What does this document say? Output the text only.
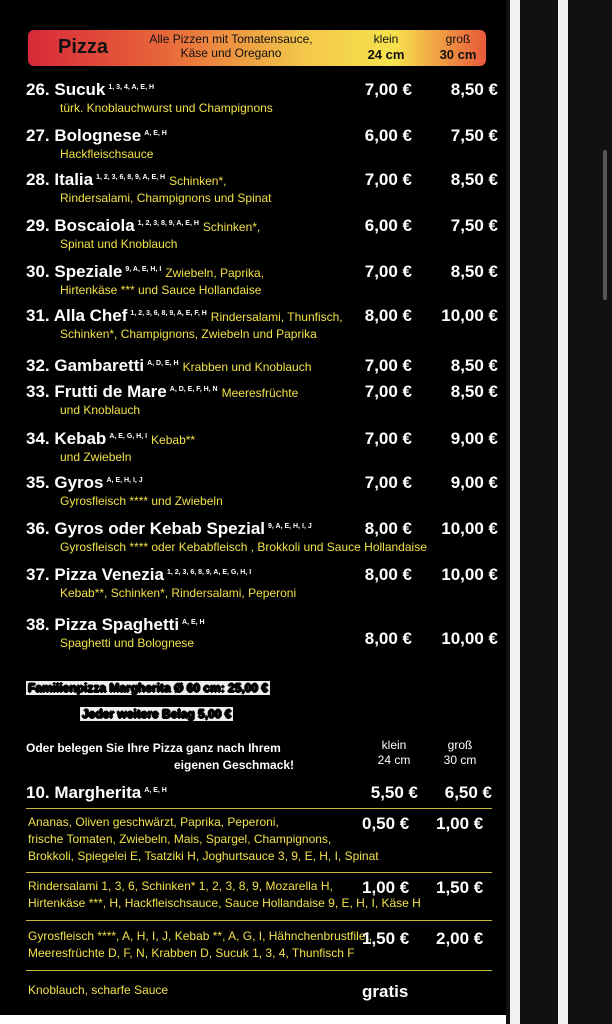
Pizza	Alle Pizzen mit Tomatensauce, Käse und Oregano
klein
24 cm
groß
30 cm
26. Sucuk $^{1, 3, 4, A, E, H}$
türk. Knoblauchwurst und Champignons
7,00 € 8,50 €
27. Bolognese $^{A, E, H}$
Hackfleischsauce
6,00 € 7,50 €
28. Italia $^{1, 2, 3, 6, 8, 9, A, E, H}$ Schinken*,
Rindersalami, Champignons und Spinat
7,00 € 8,50 €
29. Boscaiola $^{1, 2, 3, 8, 9, A, E, H}$ Schinken*,
Spinat und Knoblauch
6,00 € 7,50 €
30. Speziale $^{9, A, E, H, I}$ Zwiebeln, Paprika,
Hirtenkäse *** und Sauce Hollandaise
7,00 € 8,50 €
31. Alla Chef $^{1, 2, 3, 6, 8, 9, A, E, F, H}$ Rindersalami, Thunfisch,
Schinken*, Champignons, Zwiebeln und Paprika
8,00 € 10,00 €
32. Gambaretti $^{A, D, E, H}$ Krabben und Knoblauch	7,00 € 8,50 €
33. Frutti de Mare $^{A, D, E, F, H, N}$ Meeresfrüchte
und Knoblauch
7,00 € 8,50 €
34. Kebab $^{A, E, G, H, I}$ Kebab**
und Zwiebeln
7,00 € 9,00 €
35. Gyros $^{A, E, H, I, J}$
Gyrosfleisch **** und Zwiebeln
7,00 € 9,00 €
36. Gyros oder Kebab Spezial $^{9, A, E, H, I, J}$
Gyrosfleisch **** oder Kebabfleisch , Brokkoli und Sauce Hollandaise
8,00 € 10,00 €
37. Pizza Venezia $^{1, 2, 3, 6, 8, 9, A, E, G, H, I}$
Kebab**, Schinken*, Rindersalami, Peperoni
8,00 € 10,00 €
38. Pizza Spaghetti $^{A, E, H}$
Spaghetti und Bolognese	8,00 € 10,00 €
Familienpizza Margherita Ø 60 cm: 25,00 €
Jeder weitere Belag 5,00 €
Oder belegen Sie Ihre Pizza ganz nach Ihrem
eigenen Geschmack!
klein
24 cm
groß
30 cm
10. Margherita $^{A, E, H}$	5,50 € 6,50 €
Ananas, Oliven geschwärzt, Paprika, Peperoni,
frische Tomaten, Zwiebeln, Mais, Spargel, Champignons,
Brokkoli, Spiegelei E, Tsatziki H, Joghurtsauce 3, 9, E, H, I, Spinat
0,50 € 1,00 €
Rindersalami 1, 3, 6, Schinken* 1, 2, 3, 8, 9, Mozarella H,
Hirtenkäse ***, H, Hackfleischsauce, Sauce Hollandaise 9, E, H, I, Käse H
1,00 € 1,50 €
Gyrosfleisch ****, A, H, I, J, Kebab **, A, G, I, Hähnchenbrustfilet,
Meeresfrüchte D, F, N, Krabben D, Sucuk 1, 3, 4, Thunfisch F
1,50 € 2,00 €
Knoblauch, scharfe Sauce	gratis
